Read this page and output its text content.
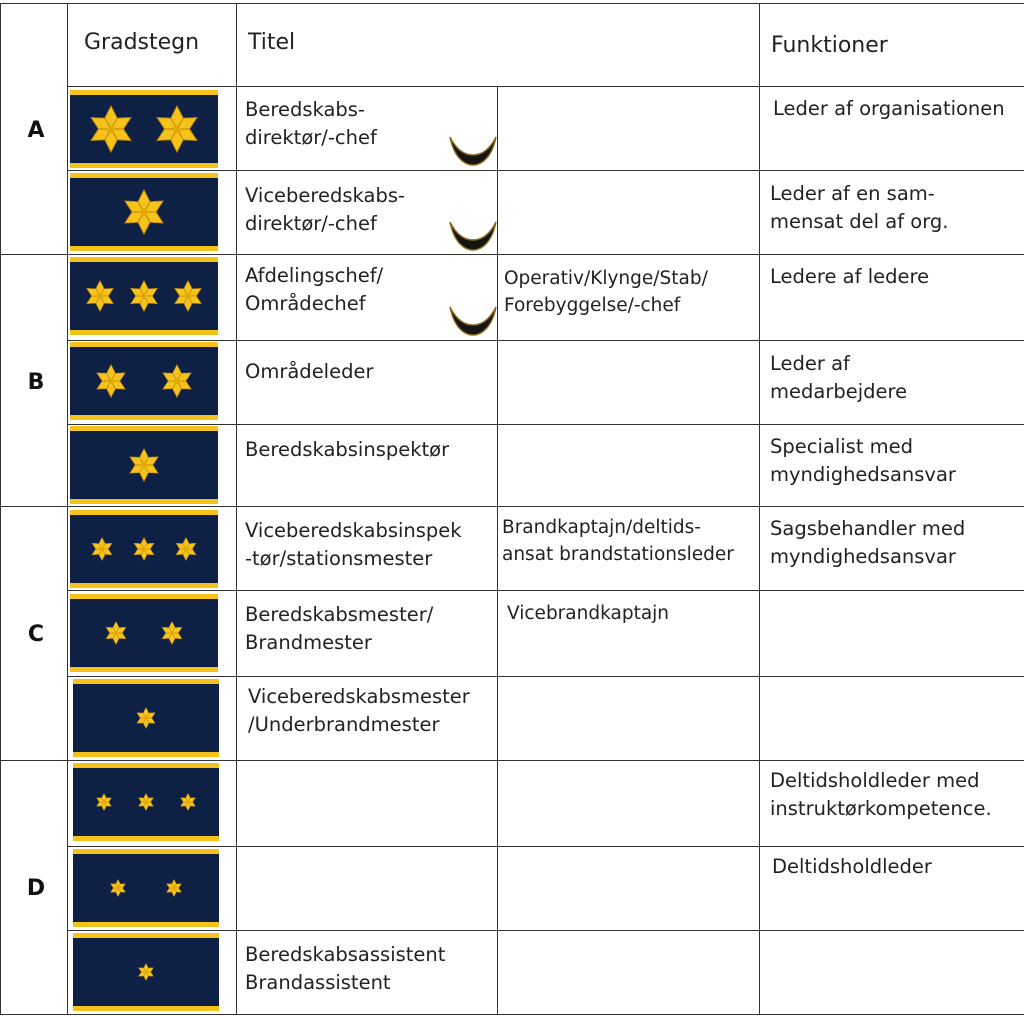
Gradstegn Titel	Funktioner
A
B
C
D
Beredskabs-
direktør/-chef
Viceberedskabs-
direktør/-chef
Afdelingschef/
Områdechef
Områdeleder
Beredskabsinspektør
Viceberedskabsinspek
-tør/stationsmester
Beredskabsmester/
Brandmester
Viceberedskabsmester
/Underbrandmester
Beredskabsassistent
Brandassistent
Operativ/Klynge/Stab/
Forebyggelse/-chef
Brandkaptajn/deltids-
ansat brandstationsleder
Vicebrandkaptajn
Leder af organisationen
Leder af en sam-
mensat del af org.
Ledere af ledere
Leder af
medarbejdere
Specialist med
myndighedsansvar
Sagsbehandler med
myndighedsansvar
Deltidsholdleder med
instruktørkompetence.
Deltidsholdleder
